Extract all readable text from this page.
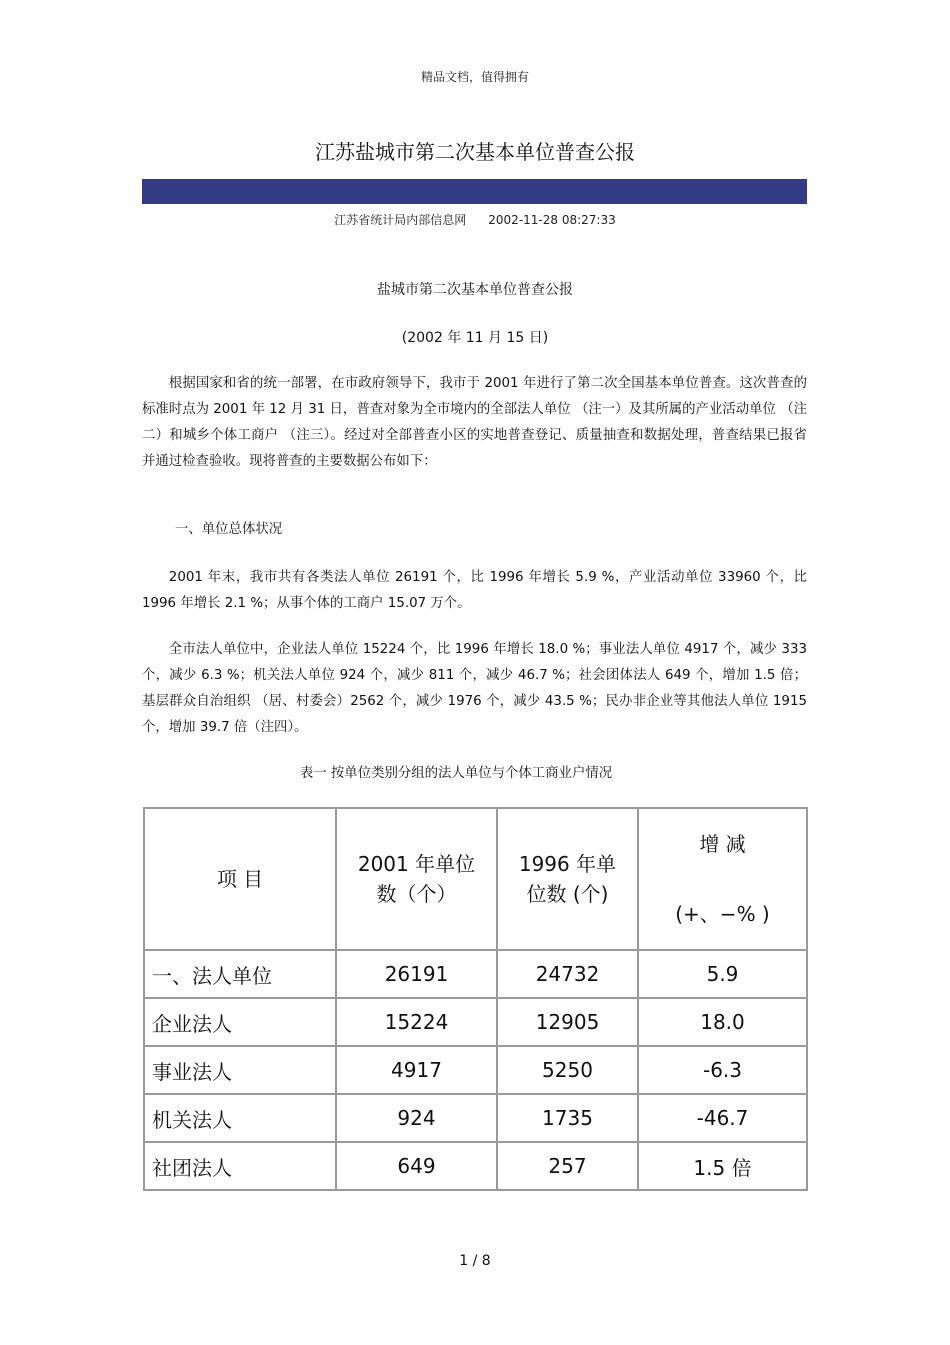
精品文档，值得拥有
江苏盐城市第二次基本单位普查公报
江苏省统计局内部信息网 2002-11-28 08:27:33
盐城市第二次基本单位普查公报
(2002 年 11 月 15 日)

根据国家和省的统一部署，在市政府领导下，我市于 2001 年进行了第二次全国基本单位普查。这次普查的标准时点为 2001 年 12 月 31 日，普查对象为全市境内的全部法人单位 （注一）及其所属的产业活动单位 （注二）和城乡个体工商户 （注三）。经过对全部普查小区的实地普查登记、质量抽查和数据处理，普查结果已报省并通过检查验收。现将普查的主要数据公布如下：

一、单位总体状况

2001 年末，我市共有各类法人单位 26191 个，比 1996 年增长 5.9 %，产业活动单位 33960 个，比 1996 年增长 2.1 %；从事个体的工商户 15.07 万个。

全市法人单位中，企业法人单位 15224 个，比 1996 年增长 18.0 %；事业法人单位 4917 个，减少 333 个，减少 6.3 %；机关法人单位 924 个，减少 811 个，减少 46.7 %；社会团体法人 649 个，增加 1.5 倍；基层群众自治组织 （居、村委会）2562 个，减少 1976 个，减少 43.5 %；民办非企业等其他法人单位 1915 个，增加 39.7 倍（注四）。

表一 按单位类别分组的法人单位与个体工商业户情况
项 目	2001 年单位数（个）	1996 年单位数 (个)	增 减
(+、−% )

一、法人单位	26191	24732	5.9
企业法人	15224	12905	18.0
事业法人	4917	5250	-6.3
机关法人	924	1735	-46.7
社团法人	649	257	1.5 倍
1 / 8
